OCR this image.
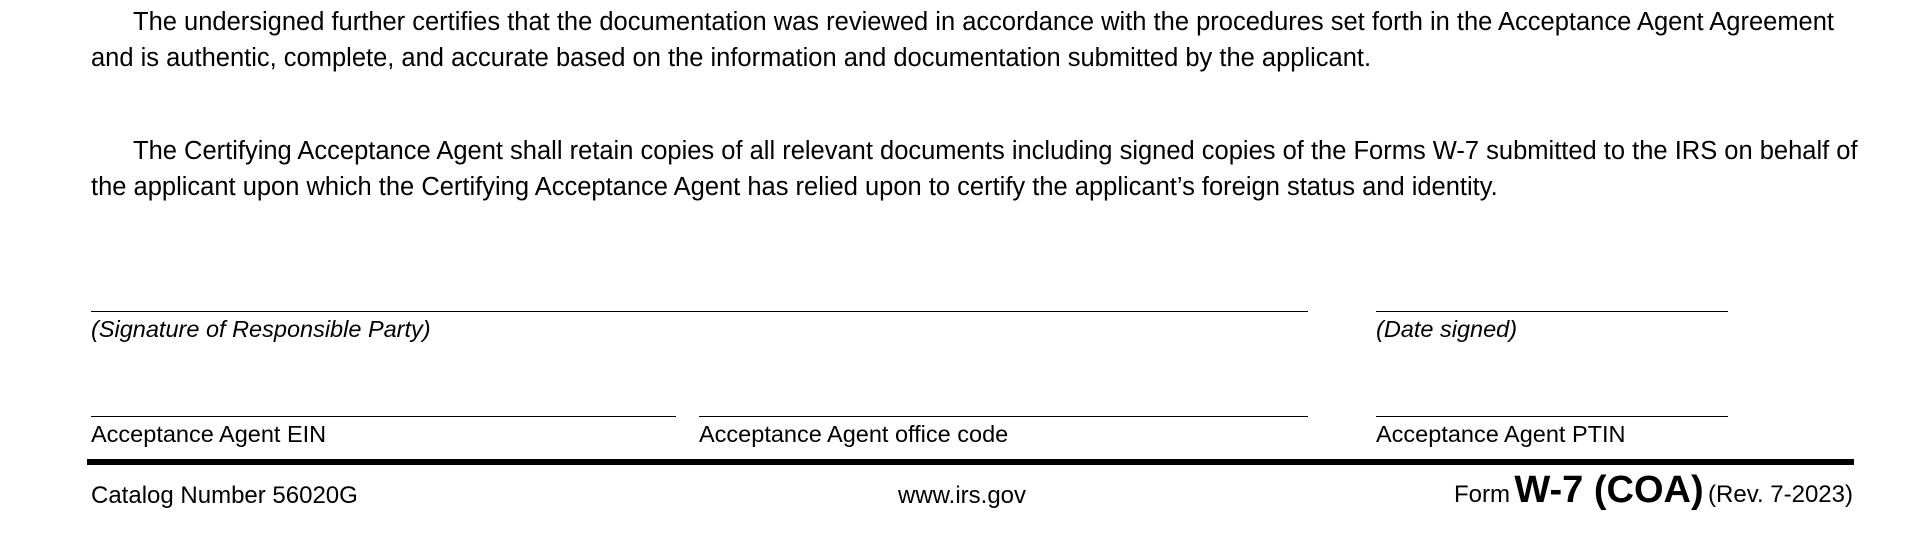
The undersigned further certifies that the documentation was reviewed in accordance with the procedures set forth in the Acceptance Agent Agreement and is authentic, complete, and accurate based on the information and documentation submitted by the applicant.

The Certifying Acceptance Agent shall retain copies of all relevant documents including signed copies of the Forms W-7 submitted to the IRS on behalf of the applicant upon which the Certifying Acceptance Agent has relied upon to certify the applicant’s foreign status and identity.

(Signature of Responsible Party)	(Date signed)
Acceptance Agent EIN	Acceptance Agent office code	Acceptance Agent PTIN
Catalog Number 56020G	www.irs.gov	Form W-7 (COA) (Rev. 7-2023)
